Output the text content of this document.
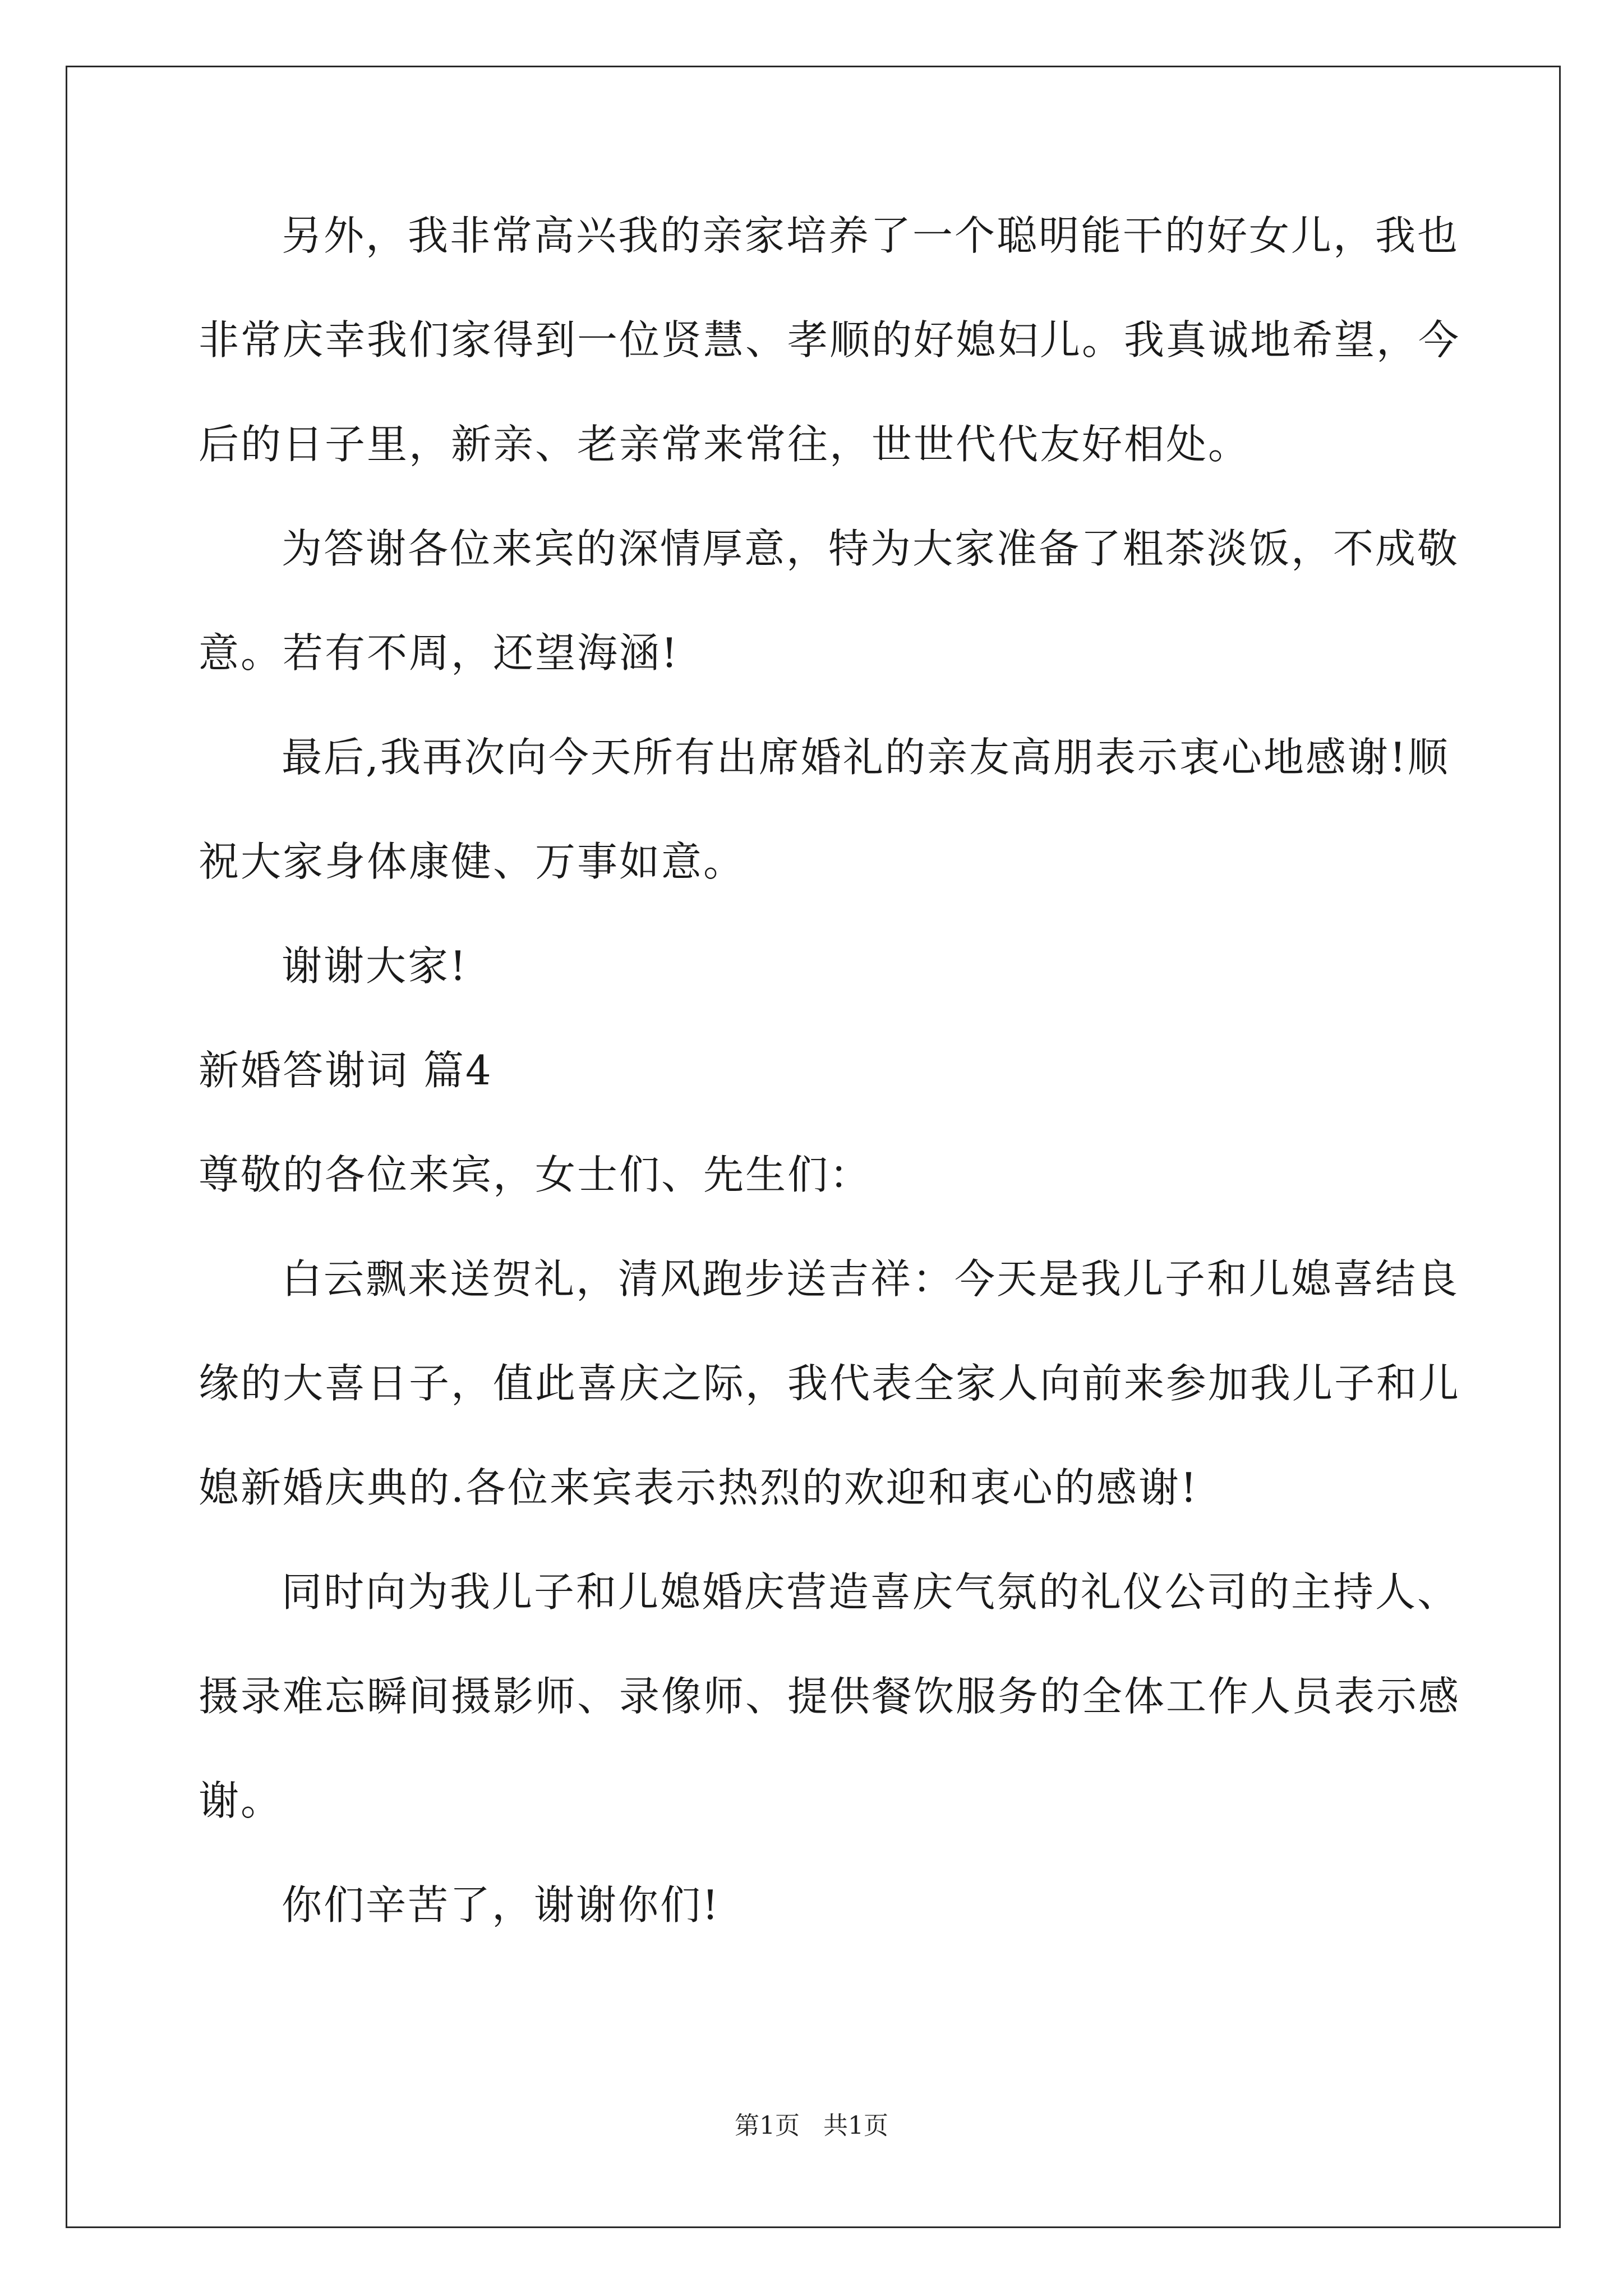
另外，我非常高兴我的亲家培养了一个聪明能干的好女儿，我也
非常庆幸我们家得到一位贤慧、孝顺的好媳妇儿。我真诚地希望，今
后的日子里，新亲、老亲常来常往，世世代代友好相处。
为答谢各位来宾的深情厚意，特为大家准备了粗茶淡饭，不成敬
意。若有不周，还望海涵!
最后,我再次向今天所有出席婚礼的亲友高朋表示衷心地感谢!顺
祝大家身体康健、万事如意。
谢谢大家!
新婚答谢词 篇4
尊敬的各位来宾，女士们、先生们：
白云飘来送贺礼，清风跑步送吉祥：今天是我儿子和儿媳喜结良
缘的大喜日子，值此喜庆之际，我代表全家人向前来参加我儿子和儿
媳新婚庆典的.各位来宾表示热烈的欢迎和衷心的感谢!
同时向为我儿子和儿媳婚庆营造喜庆气氛的礼仪公司的主持人、
摄录难忘瞬间摄影师、录像师、提供餐饮服务的全体工作人员表示感
谢。
你们辛苦了，谢谢你们!
第1页   共1页
